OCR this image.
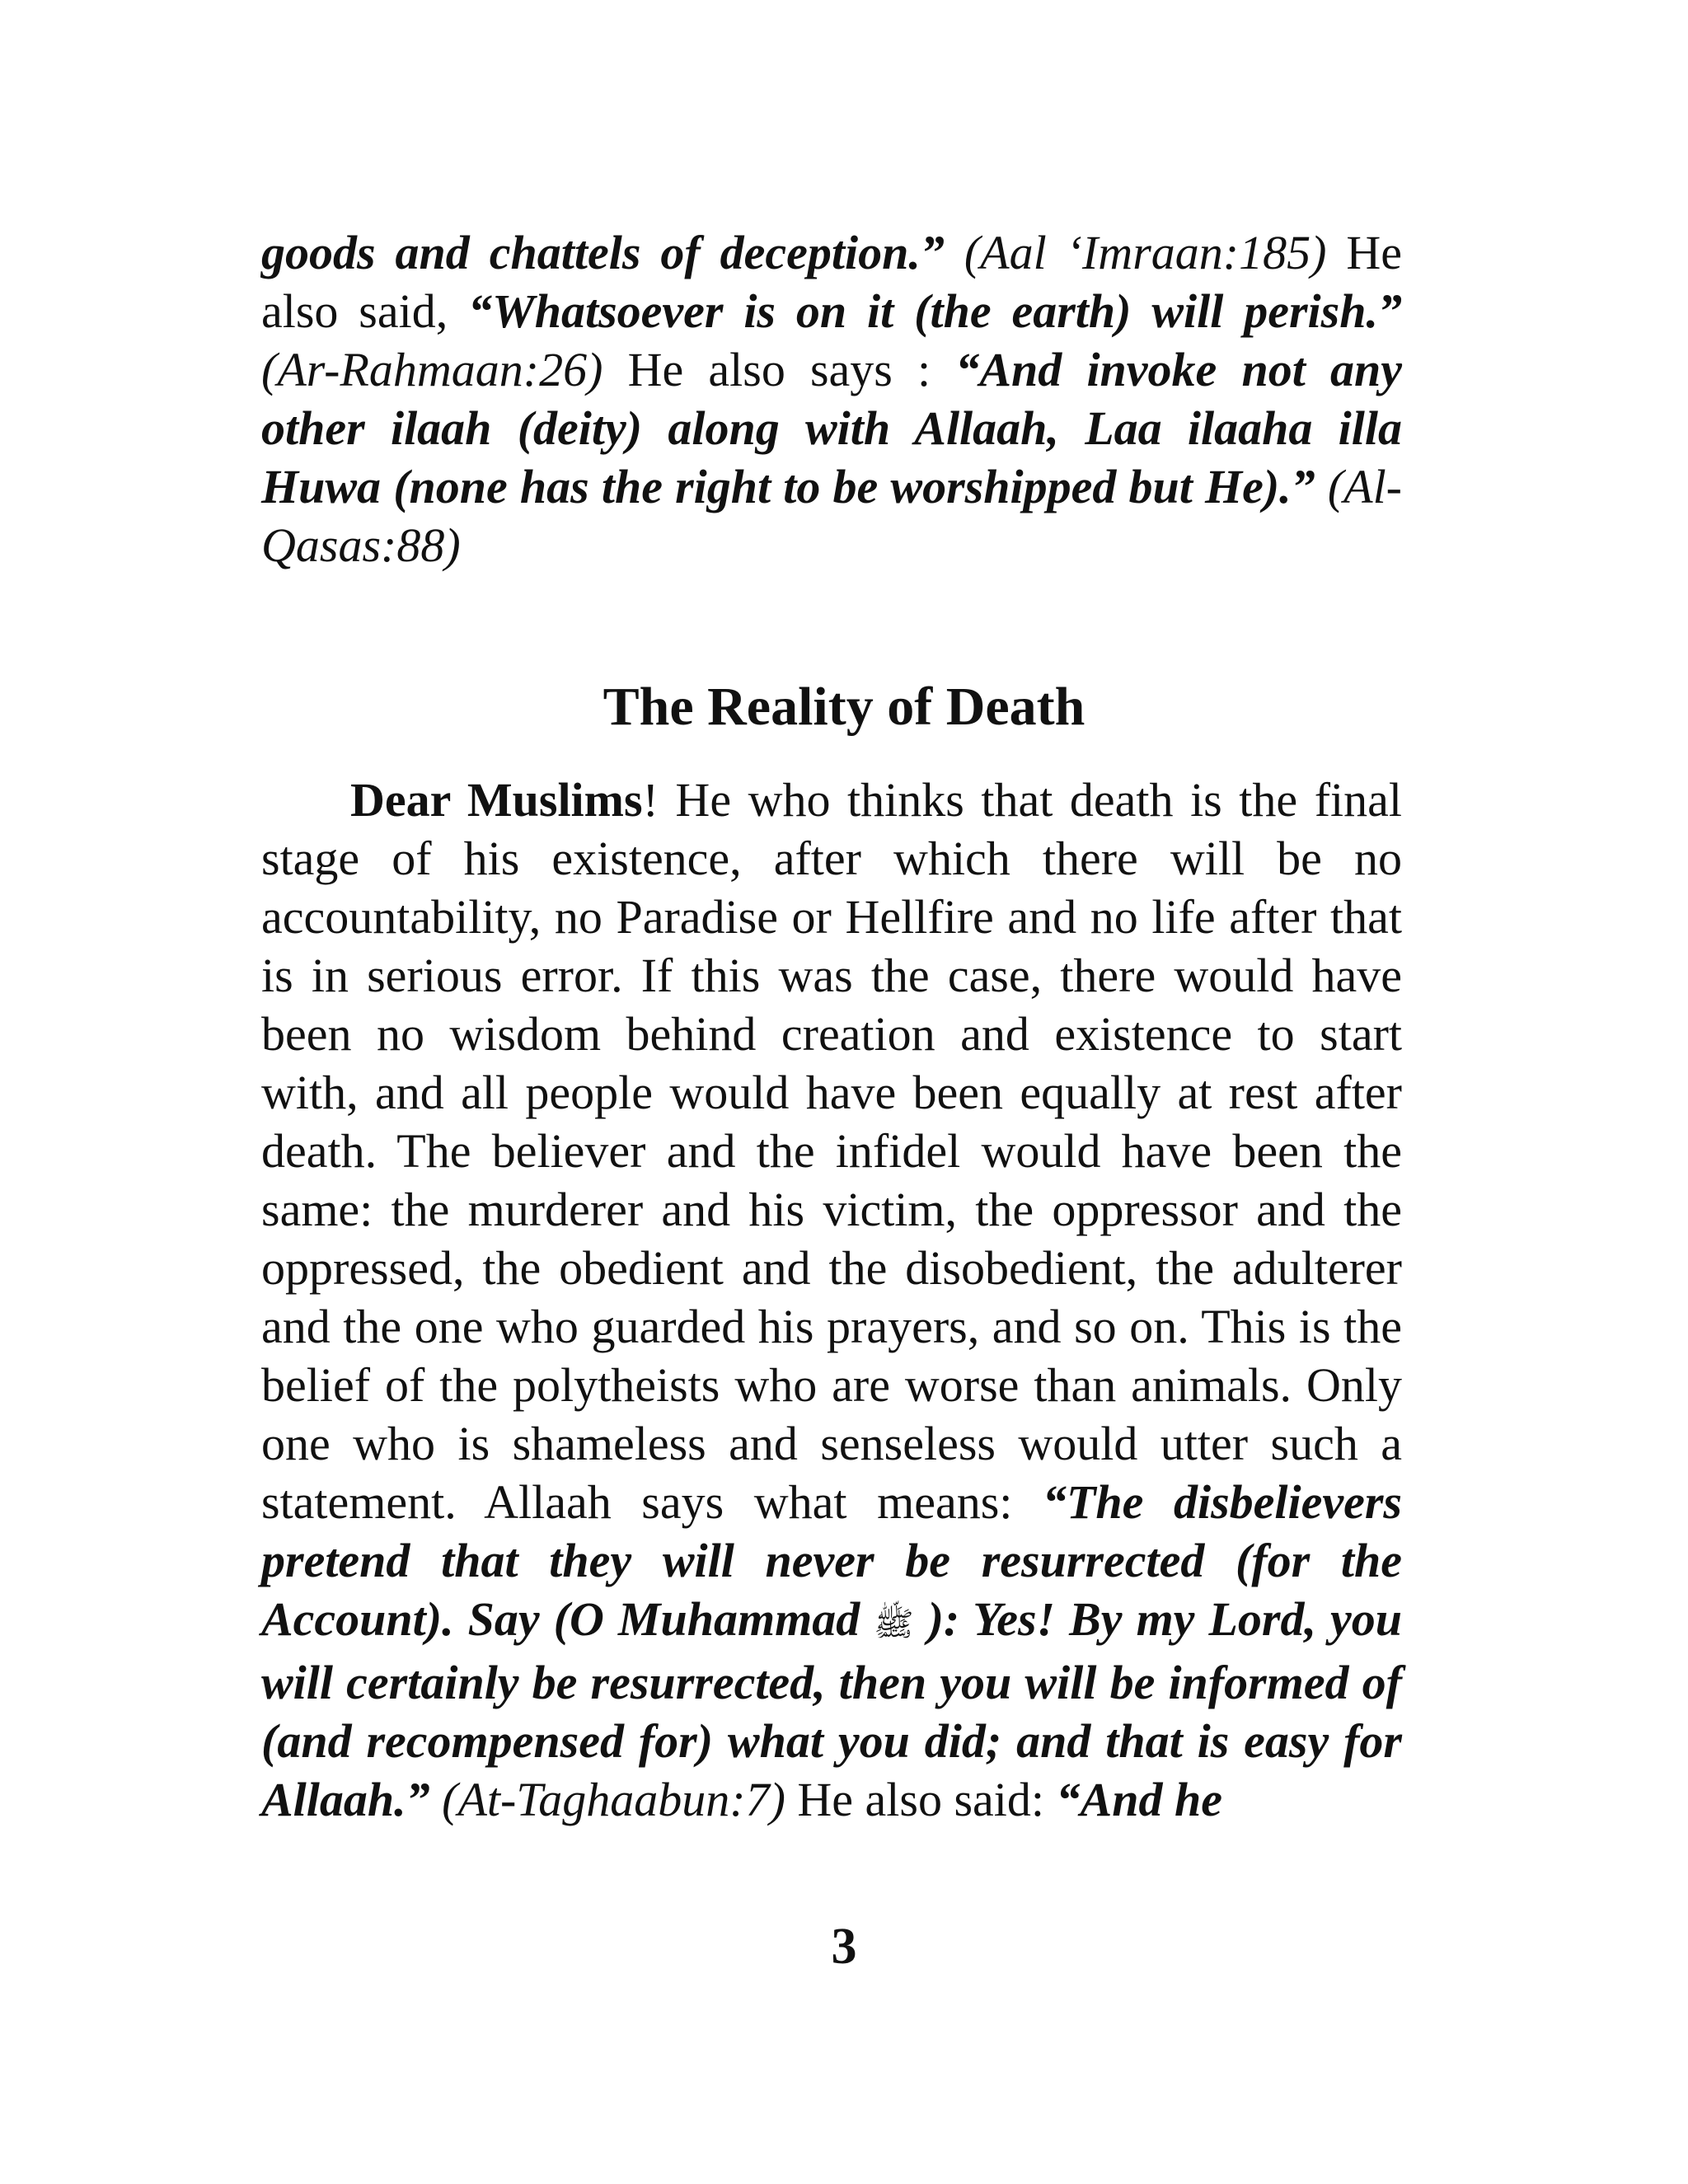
goods and chattels of deception.” (Aal ‘Imraan:185) He also said, “Whatsoever is on it (the earth) will perish.” (Ar-Rahmaan:26) He also says : “And invoke not any other ilaah (deity) along with Allaah, Laa ilaaha illa Huwa (none has the right to be worshipped but He).” (Al-Qasas:88)
The Reality of Death
Dear Muslims! He who thinks that death is the final stage of his existence, after which there will be no accountability, no Paradise or Hellfire and no life after that is in serious error. If this was the case, there would have been no wisdom behind creation and existence to start with, and all people would have been equally at rest after death. The believer and the infidel would have been the same: the murderer and his victim, the oppressor and the oppressed, the obedient and the disobedient, the adulterer and the one who guarded his prayers, and so on. This is the belief of the polytheists who are worse than animals. Only one who is shameless and senseless would utter such a statement. Allaah says what means: “The disbelievers pretend that they will never be resurrected (for the Account). Say (O Muhammad ﷺ ): Yes! By my Lord, you will certainly be resurrected, then you will be informed of (and recompensed for) what you did; and that is easy for Allaah.” (At-Taghaabun:7) He also said: “And he
3
